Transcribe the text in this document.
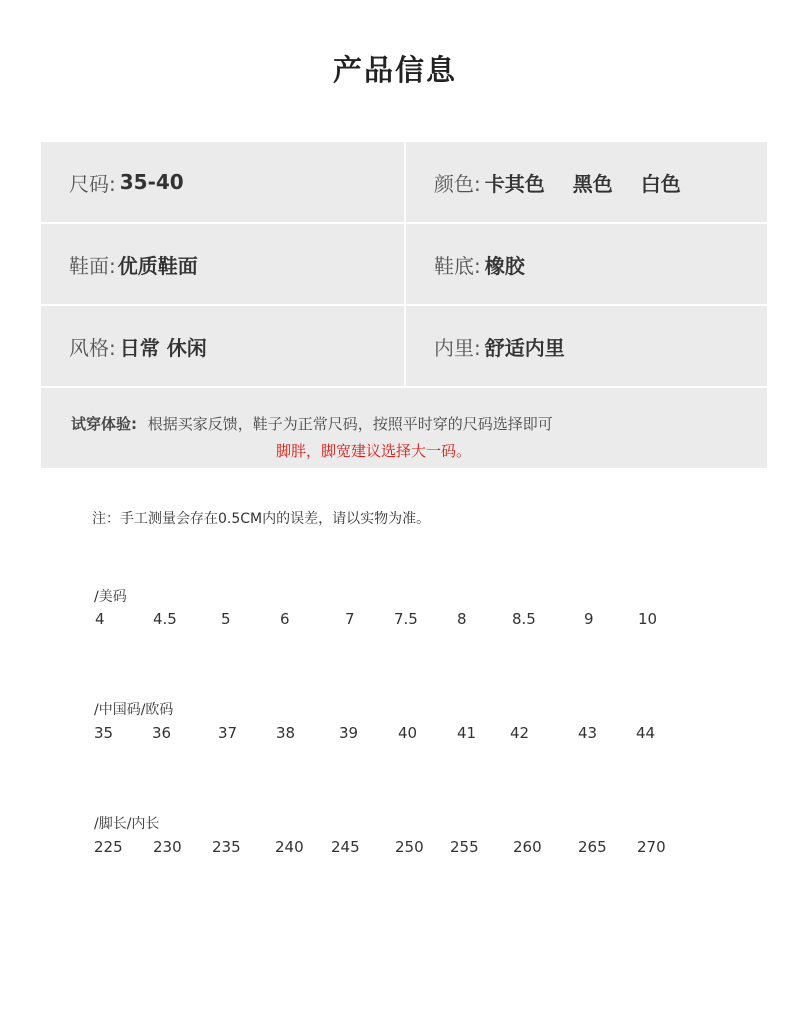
产品信息
尺码: 35-40	颜色: 卡其色 黑色 白色
鞋面: 优质鞋面	鞋底: 橡胶
风格: 日常 休闲	内里: 舒适内里
试穿体验: 根据买家反馈，鞋子为正常尺码，按照平时穿的尺码选择即可
脚胖，脚宽建议选择大一码。
注：手工测量会存在0.5CM内的误差，请以实物为准。
/美码
4	4.5	5	6	7	7.5	8	8.5	9	10
/中国码/欧码
35	36	37	38	39	40	41 42	43	44
/脚长/内长
225 230 235 240 245 250 255 260 265 270
